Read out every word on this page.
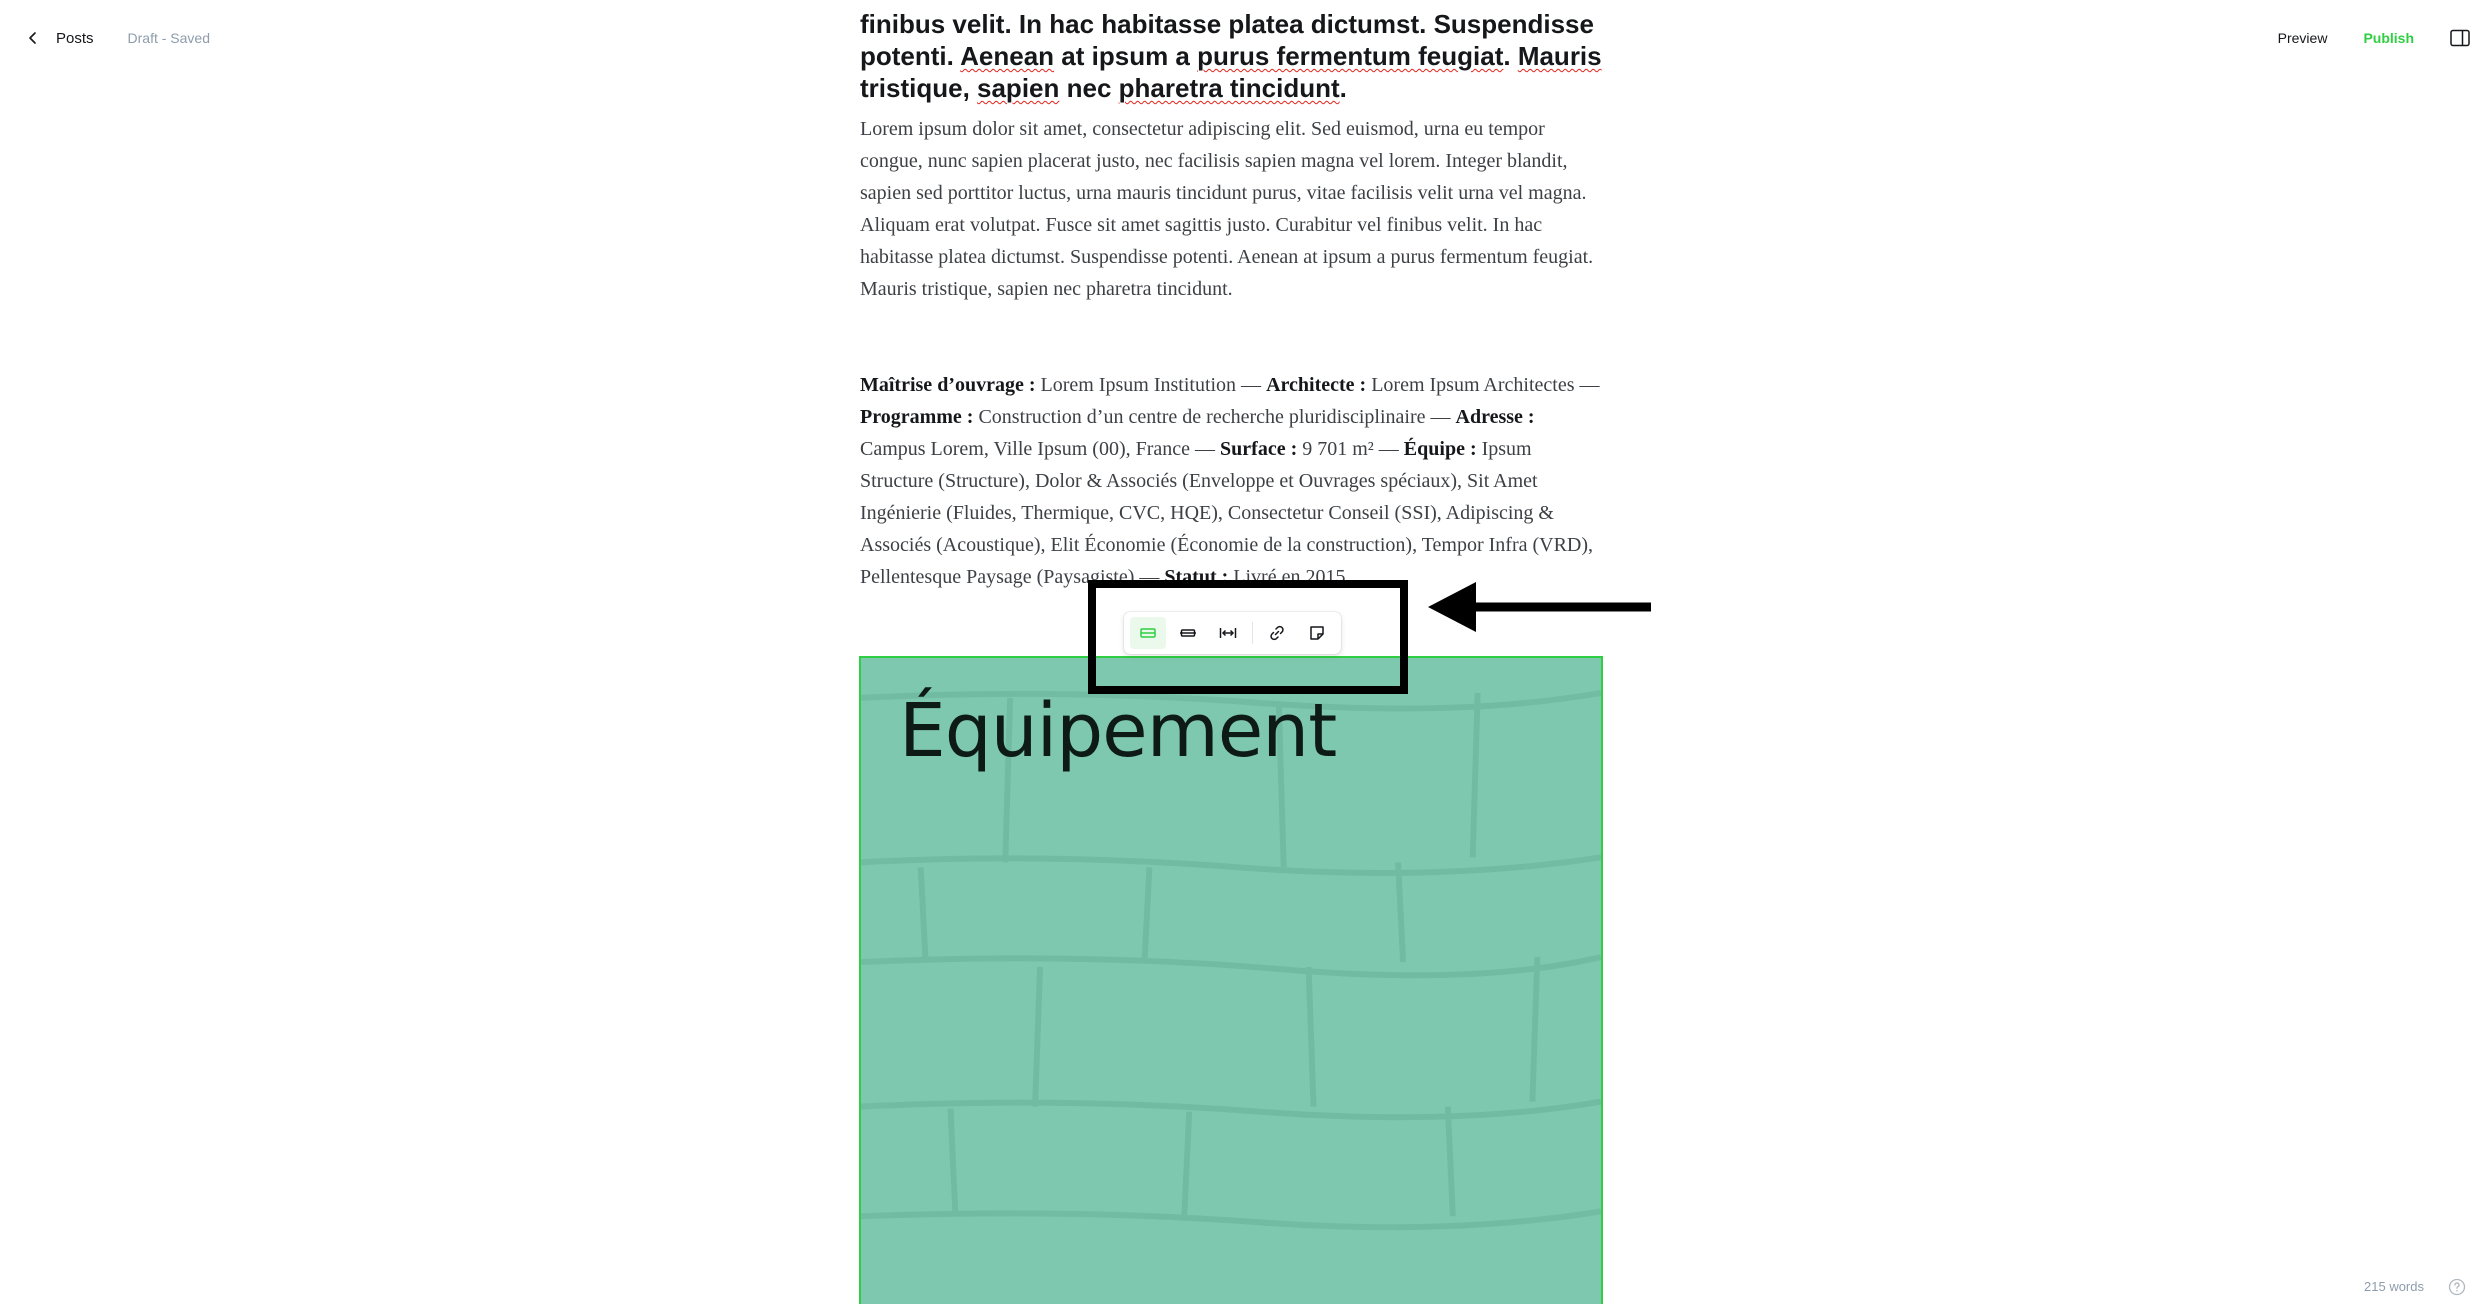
Posts Draft - Saved	Preview	Publish
finibus velit. In hac habitasse platea dictumst. Suspendisse
potenti. Aenean at ipsum a purus fermentum feugiat. Mauris
tristique, sapien nec pharetra tincidunt.

Lorem ipsum dolor sit amet, consectetur adipiscing elit. Sed euismod, urna eu tempor congue, nunc sapien placerat justo, nec facilisis sapien magna vel lorem. Integer blandit, sapien sed porttitor luctus, urna mauris tincidunt purus, vitae facilisis velit urna vel magna. Aliquam erat volutpat. Fusce sit amet sagittis justo. Curabitur vel finibus velit. In hac habitasse platea dictumst. Suspendisse potenti. Aenean at ipsum a purus fermentum feugiat. Mauris tristique, sapien nec pharetra tincidunt.

Maîtrise d’ouvrage : Lorem Ipsum Institution — Architecte : Lorem Ipsum Architectes — Programme : Construction d’un centre de recherche pluridisciplinaire — Adresse : Campus Lorem, Ville Ipsum (00), France — Surface : 9 701 m² — Équipe : Ipsum Structure (Structure), Dolor & Associés (Enveloppe et Ouvrages spéciaux), Sit Amet Ingénierie (Fluides, Thermique, CVC, HQE), Consectetur Conseil (SSI), Adipiscing & Associés (Acoustique), Elit Économie (Économie de la construction), Tempor Infra (VRD), Pellentesque Paysage (Paysagiste) — Statut : Livré en 2015

Équipement
215 words
